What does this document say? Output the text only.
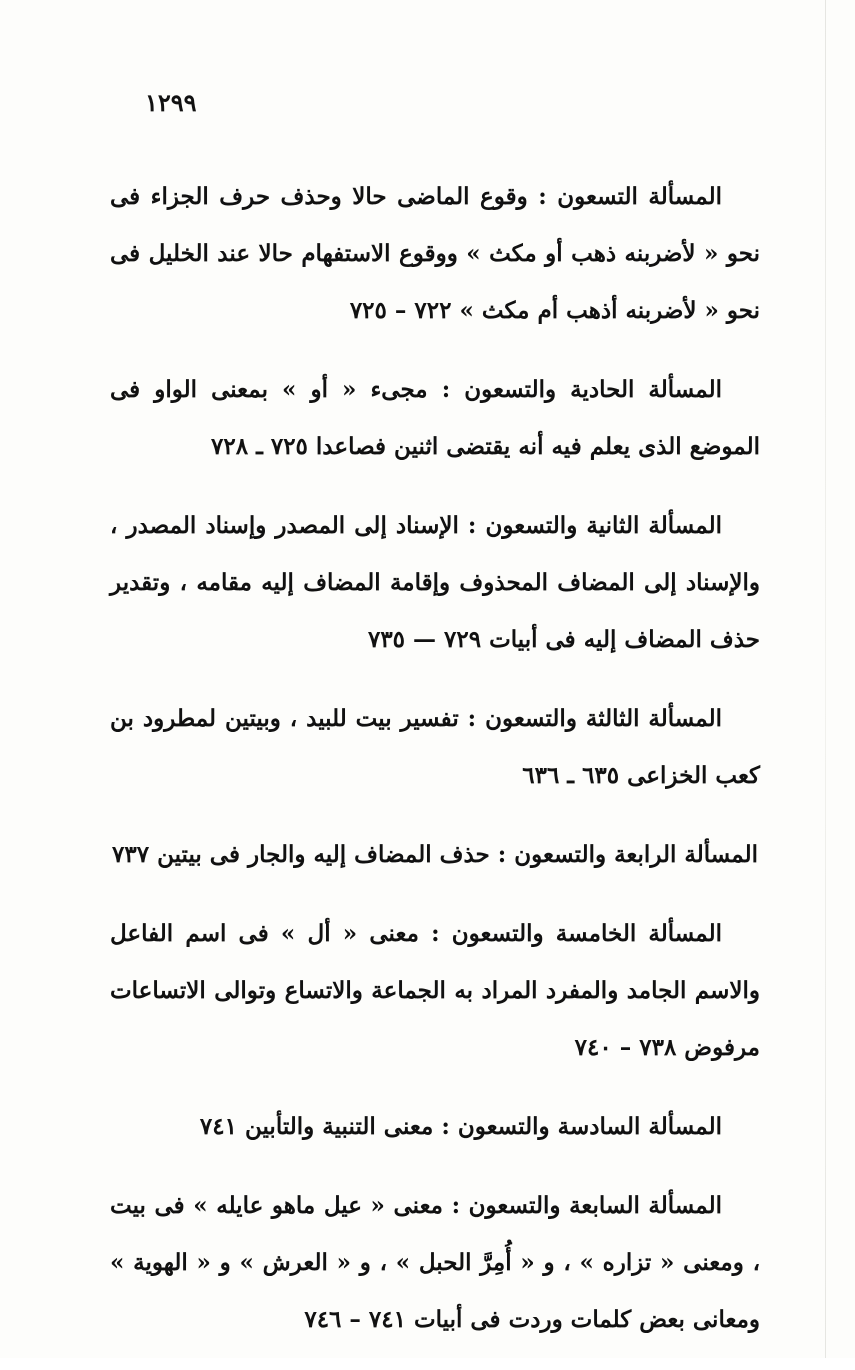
١٢٩٩

المسألة التسعون : وقوع الماضى حالا وحذف حرف الجزاء فى نحو « لأضربنه ذهب أو مكث » ووقوع الاستفهام حالا عند الخليل فى نحو « لأضربنه أذهب أم مكث » ٧٢٢ – ٧٢٥

المسألة الحادية والتسعون : مجىء « أو » بمعنى الواو فى الموضع الذى يعلم فيه أنه يقتضى اثنين فصاعدا ٧٢٥ ـ ٧٢٨

المسألة الثانية والتسعون : الإسناد إلى المصدر وإسناد المصدر ، والإسناد إلى المضاف المحذوف وإقامة المضاف إليه مقامه ، وتقدير حذف المضاف إليه فى أبيات ٧٢٩ — ٧٣٥

المسألة الثالثة والتسعون : تفسير بيت للبيد ، وبيتين لمطرود بن كعب الخزاعى ٦٣٥ ـ ٦٣٦

المسألة الرابعة والتسعون : حذف المضاف إليه والجار فى بيتين ٧٣٧

المسألة الخامسة والتسعون : معنى « أل » فى اسم الفاعل والاسم الجامد والمفرد المراد به الجماعة والاتساع وتوالى الاتساعات مرفوض ٧٣٨ – ٧٤٠

المسألة السادسة والتسعون : معنى التنبية والتأبين ٧٤١

المسألة السابعة والتسعون : معنى « عيل ماهو عايله » فى بيت ، ومعنى « تزاره » ، و « أُمِرَّ الحبل » ، و « العرش » و « الهوية » ومعانى بعض كلمات وردت فى أبيات ٧٤١ – ٧٤٦
